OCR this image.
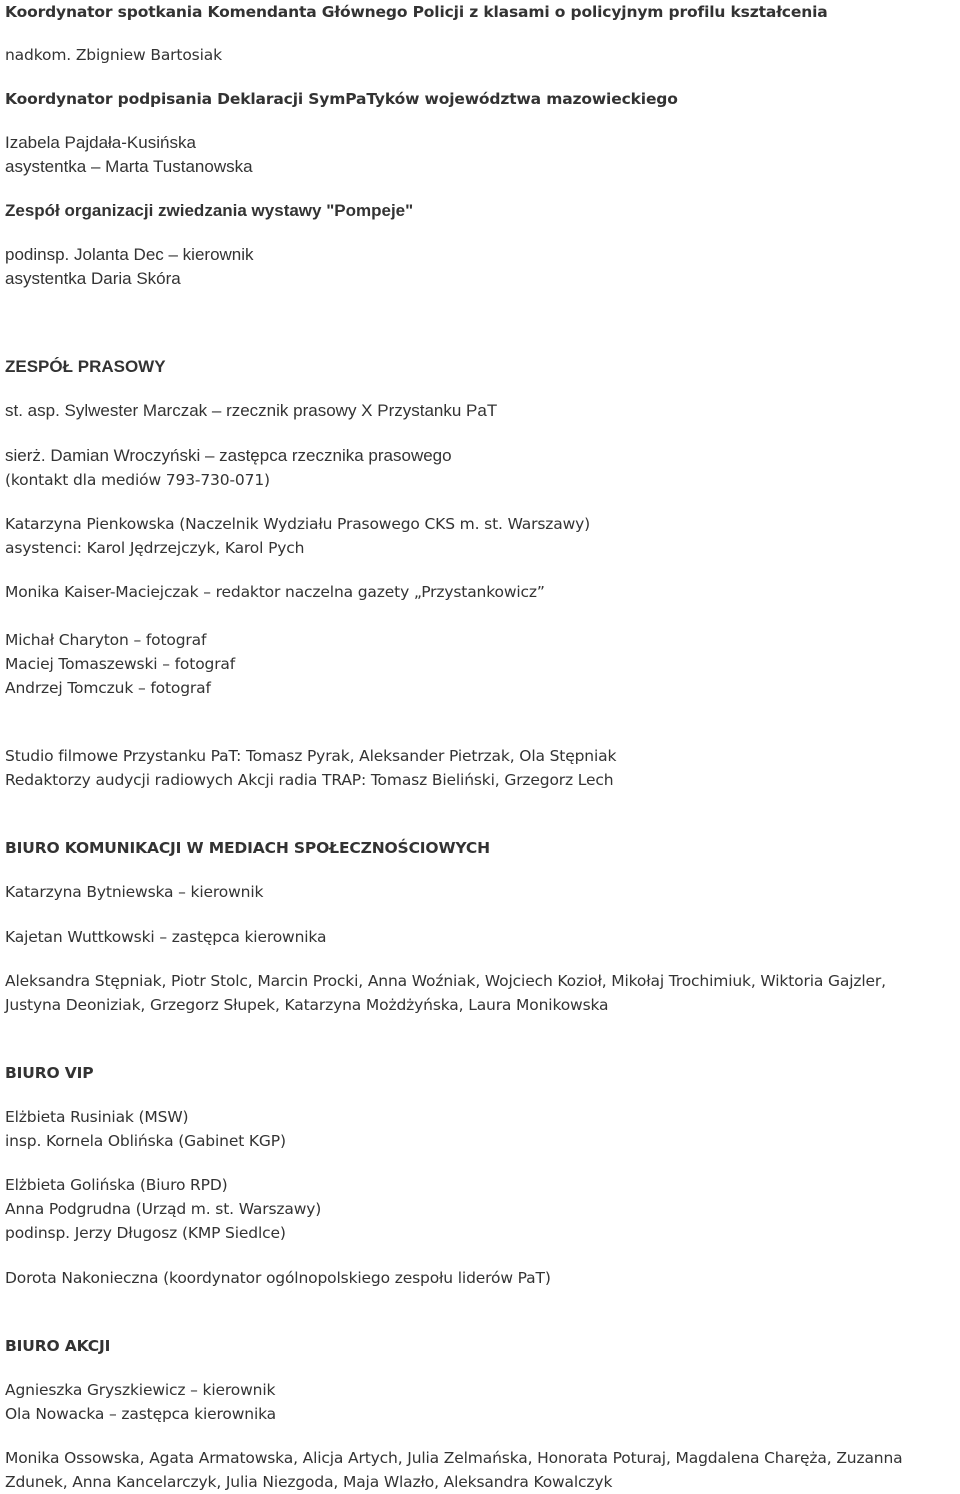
Koordynator spotkania Komendanta Głównego Policji z klasami o policyjnym profilu kształcenia
nadkom. Zbigniew Bartosiak
Koordynator podpisania Deklaracji SymPaTyków województwa mazowieckiego
Izabela Pajdała-Kusińska
asystentka – Marta Tustanowska
Zespół organizacji zwiedzania wystawy "Pompeje"
podinsp. Jolanta Dec – kierownik
asystentka Daria Skóra
ZESPÓŁ PRASOWY
st. asp. Sylwester Marczak – rzecznik prasowy X Przystanku PaT
sierż. Damian Wroczyński – zastępca rzecznika prasowego
(kontakt dla mediów 793-730-071)
Katarzyna Pienkowska (Naczelnik Wydziału Prasowego CKS m. st. Warszawy)
asystenci: Karol Jędrzejczyk, Karol Pych
Monika Kaiser-Maciejczak – redaktor naczelna gazety „Przystankowicz”
Michał Charyton – fotograf
Maciej Tomaszewski – fotograf
Andrzej Tomczuk – fotograf
Studio filmowe Przystanku PaT: Tomasz Pyrak, Aleksander Pietrzak, Ola Stępniak
Redaktorzy audycji radiowych Akcji radia TRAP: Tomasz Bieliński, Grzegorz Lech
BIURO KOMUNIKACJI W MEDIACH SPOŁECZNOŚCIOWYCH
Katarzyna Bytniewska – kierownik
Kajetan Wuttkowski – zastępca kierownika
Aleksandra Stępniak, Piotr Stolc, Marcin Procki, Anna Woźniak, Wojciech Kozioł, Mikołaj Trochimiuk, Wiktoria Gajzler,
Justyna Deoniziak, Grzegorz Słupek, Katarzyna Możdżyńska, Laura Monikowska
BIURO VIP
Elżbieta Rusiniak (MSW)
insp. Kornela Oblińska (Gabinet KGP)
Elżbieta Golińska (Biuro RPD)
Anna Podgrudna (Urząd m. st. Warszawy)
podinsp. Jerzy Długosz (KMP Siedlce)
Dorota Nakonieczna (koordynator ogólnopolskiego zespołu liderów PaT)
BIURO AKCJI
Agnieszka Gryszkiewicz – kierownik
Ola Nowacka – zastępca kierownika
Monika Ossowska, Agata Armatowska, Alicja Artych, Julia Zelmańska, Honorata Poturaj, Magdalena Charęża, Zuzanna
Zdunek, Anna Kancelarczyk, Julia Niezgoda, Maja Wlazło, Aleksandra Kowalczyk
